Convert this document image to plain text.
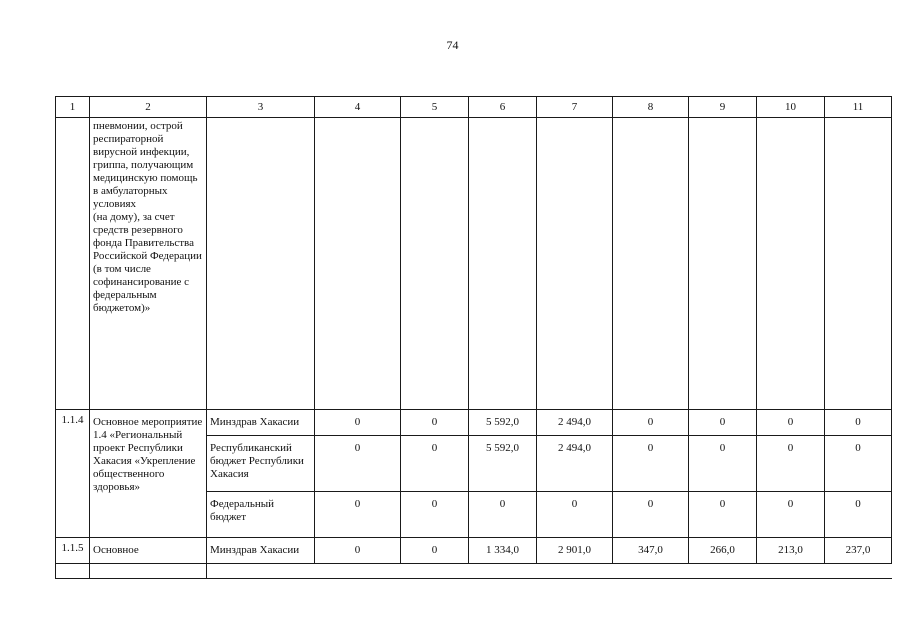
74
1	2	3	4	5	6	7	8	9	10	11
	пневмонии, острой респираторной вирусной инфекции, гриппа, получающим медицинскую помощь в амбулаторных условиях
(на дому), за счет средств резервного фонда Правительства Российской Федерации
(в том числе софинансирование с федеральным бюджетом)»									
1.1.4	Основное мероприятие 1.4 «Региональный проект Республики Хакасия «Укрепление общественного здоровья»	Минздрав Хакасии	0	0	5 592,0	2 494,0	0	0	0	0
		Республиканский бюджет Республики Хакасия	0	0	5 592,0	2 494,0	0	0	0	0
		Федеральный бюджет	0	0	0	0	0	0	0	0
1.1.5	Основное	Минздрав Хакасии	0	0	1 334,0	2 901,0	347,0	266,0	213,0	237,0
